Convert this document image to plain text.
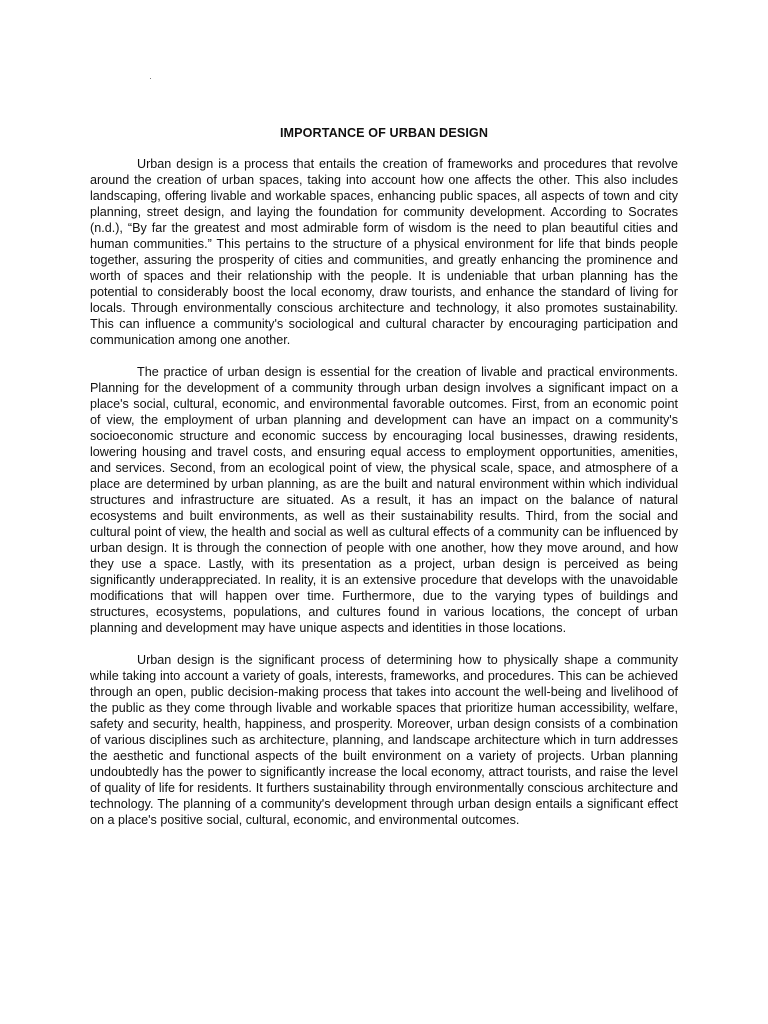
IMPORTANCE OF URBAN DESIGN

Urban design is a process that entails the creation of frameworks and procedures that revolve around the creation of urban spaces, taking into account how one affects the other. This also includes landscaping, offering livable and workable spaces, enhancing public spaces, all aspects of town and city planning, street design, and laying the foundation for community development. According to Socrates (n.d.), “By far the greatest and most admirable form of wisdom is the need to plan beautiful cities and human communities.” This pertains to the structure of a physical environment for life that binds people together, assuring the prosperity of cities and communities, and greatly enhancing the prominence and worth of spaces and their relationship with the people. It is undeniable that urban planning has the potential to considerably boost the local economy, draw tourists, and enhance the standard of living for locals. Through environmentally conscious architecture and technology, it also promotes sustainability. This can influence a community's sociological and cultural character by encouraging participation and communication among one another.

The practice of urban design is essential for the creation of livable and practical environments. Planning for the development of a community through urban design involves a significant impact on a place's social, cultural, economic, and environmental favorable outcomes. First, from an economic point of view, the employment of urban planning and development can have an impact on a community's socioeconomic structure and economic success by encouraging local businesses, drawing residents, lowering housing and travel costs, and ensuring equal access to employment opportunities, amenities, and services. Second, from an ecological point of view, the physical scale, space, and atmosphere of a place are determined by urban planning, as are the built and natural environment within which individual structures and infrastructure are situated. As a result, it has an impact on the balance of natural ecosystems and built environments, as well as their sustainability results. Third, from the social and cultural point of view, the health and social as well as cultural effects of a community can be influenced by urban design. It is through the connection of people with one another, how they move around, and how they use a space. Lastly, with its presentation as a project, urban design is perceived as being significantly underappreciated. In reality, it is an extensive procedure that develops with the unavoidable modifications that will happen over time. Furthermore, due to the varying types of buildings and structures, ecosystems, populations, and cultures found in various locations, the concept of urban planning and development may have unique aspects and identities in those locations.

Urban design is the significant process of determining how to physically shape a community while taking into account a variety of goals, interests, frameworks, and procedures. This can be achieved through an open, public decision-making process that takes into account the well-being and livelihood of the public as they come through livable and workable spaces that prioritize human accessibility, welfare, safety and security, health, happiness, and prosperity. Moreover, urban design consists of a combination of various disciplines such as architecture, planning, and landscape architecture which in turn addresses the aesthetic and functional aspects of the built environment on a variety of projects. Urban planning undoubtedly has the power to significantly increase the local economy, attract tourists, and raise the level of quality of life for residents. It furthers sustainability through environmentally conscious architecture and technology. The planning of a community's development through urban design entails a significant effect on a place's positive social, cultural, economic, and environmental outcomes.
